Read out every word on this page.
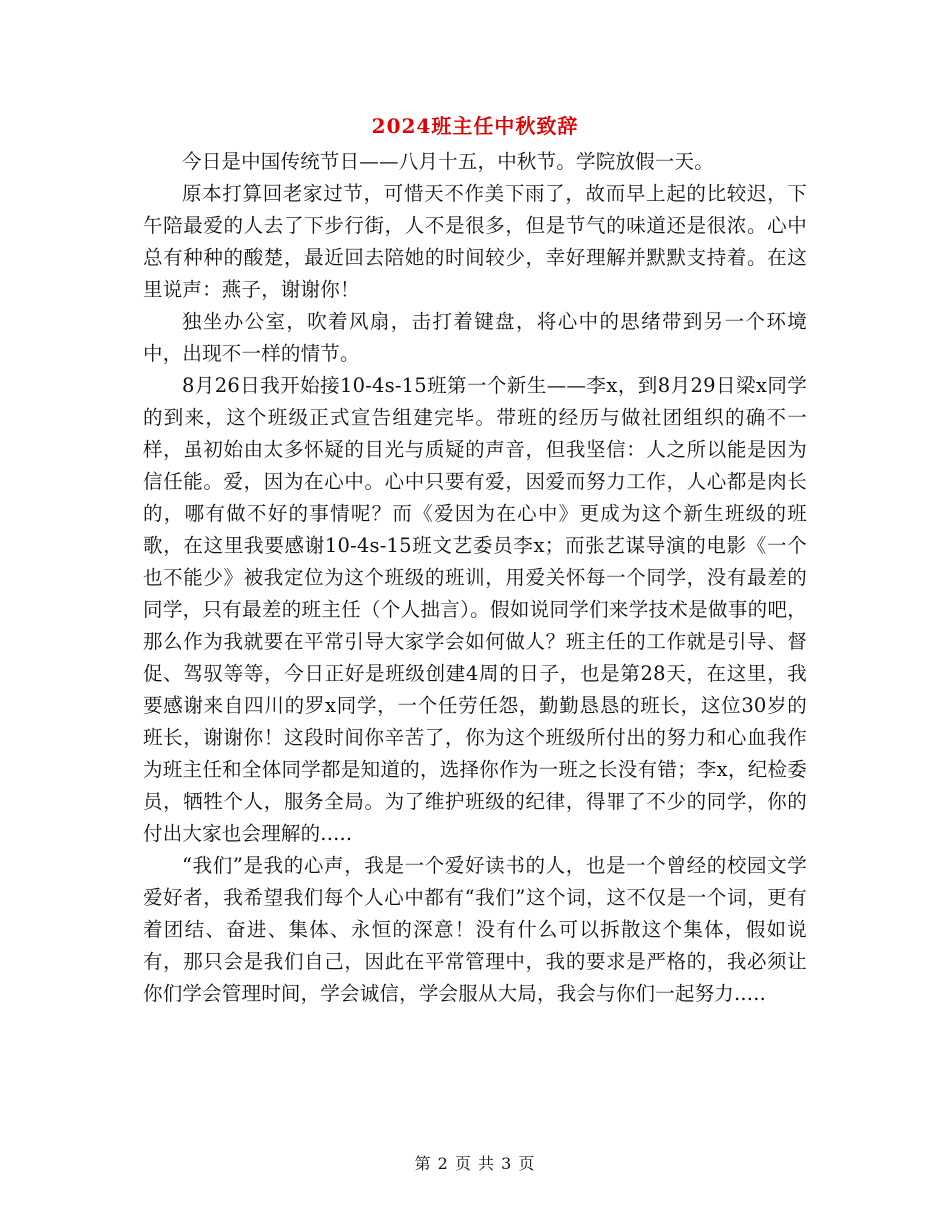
2024班主任中秋致辞

今日是中国传统节日——八月十五，中秋节。学院放假一天。

原本打算回老家过节，可惜天不作美下雨了，故而早上起的比较迟，下午陪最爱的人去了下步行街，人不是很多，但是节气的味道还是很浓。心中总有种种的酸楚，最近回去陪她的时间较少，幸好理解并默默支持着。在这里说声：燕子，谢谢你！

独坐办公室，吹着风扇，击打着键盘，将心中的思绪带到另一个环境中，出现不一样的情节。

8月26日我开始接10-4s-15班第一个新生——李x，到8月29日梁x同学的到来，这个班级正式宣告组建完毕。带班的经历与做社团组织的确不一样，虽初始由太多怀疑的目光与质疑的声音，但我坚信：人之所以能是因为信任能。爱，因为在心中。心中只要有爱，因爱而努力工作，人心都是肉长的，哪有做不好的事情呢？而《爱因为在心中》更成为这个新生班级的班歌，在这里我要感谢10-4s-15班文艺委员李x；而张艺谋导演的电影《一个也不能少》被我定位为这个班级的班训，用爱关怀每一个同学，没有最差的同学，只有最差的班主任（个人拙言）。假如说同学们来学技术是做事的吧，那么作为我就要在平常引导大家学会如何做人？班主任的工作就是引导、督促、驾驭等等，今日正好是班级创建4周的日子，也是第28天，在这里，我要感谢来自四川的罗x同学，一个任劳任怨，勤勤恳恳的班长，这位30岁的班长，谢谢你！这段时间你辛苦了，你为这个班级所付出的努力和心血我作为班主任和全体同学都是知道的，选择你作为一班之长没有错；李x，纪检委员，牺牲个人，服务全局。为了维护班级的纪律，得罪了不少的同学，你的付出大家也会理解的.....

“我们”是我的心声，我是一个爱好读书的人，也是一个曾经的校园文学爱好者，我希望我们每个人心中都有“我们”这个词，这不仅是一个词，更有着团结、奋进、集体、永恒的深意！没有什么可以拆散这个集体，假如说有，那只会是我们自己，因此在平常管理中，我的要求是严格的，我必须让你们学会管理时间，学会诚信，学会服从大局，我会与你们一起努力.....

第 2 页 共 3 页
